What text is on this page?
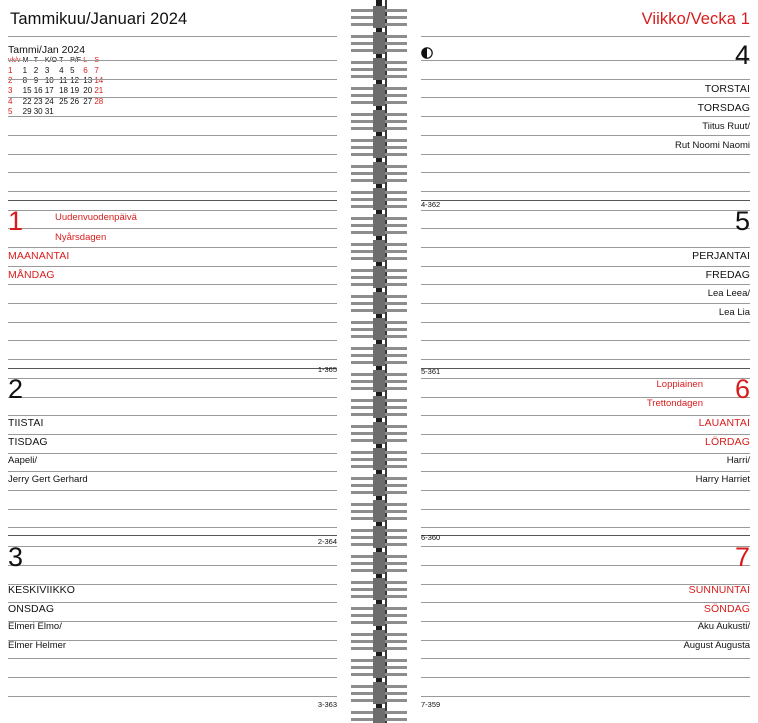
Tammikuu/Januari 2024
Tammi/Jan 2024
vk/v	M	T	K/O	T	P/F	L	S
1	1	2	3	4	5	6	7
2	8	9	10	11	12	13	14
3	15	16	17	18	19	20	21
4	22	23	24	25	26	27	28
5	29	30	31				
1	Uudenvuodenpäivä
Nyårsdagen
MAANANTAI
MÅNDAG
1-365
2
TIISTAI
TISDAG
Aapeli/
Jerry Gert Gerhard
2-364
3
KESKIVIIKKO
ONSDAG
Elmeri Elmo/
Elmer Helmer
3-363
Viikko/Vecka 1
4
TORSTAI
TORSDAG
Tiitus Ruut/
Rut Noomi Naomi
4-362
5
PERJANTAI
FREDAG
Lea Leea/
Lea Lia
5-361
6
Loppiainen
Trettondagen
LAUANTAI
LÖRDAG
Harri/
Harry Harriet
6-360
7
SUNNUNTAI
SÖNDAG
Aku Aukusti/
August Augusta
7-359
